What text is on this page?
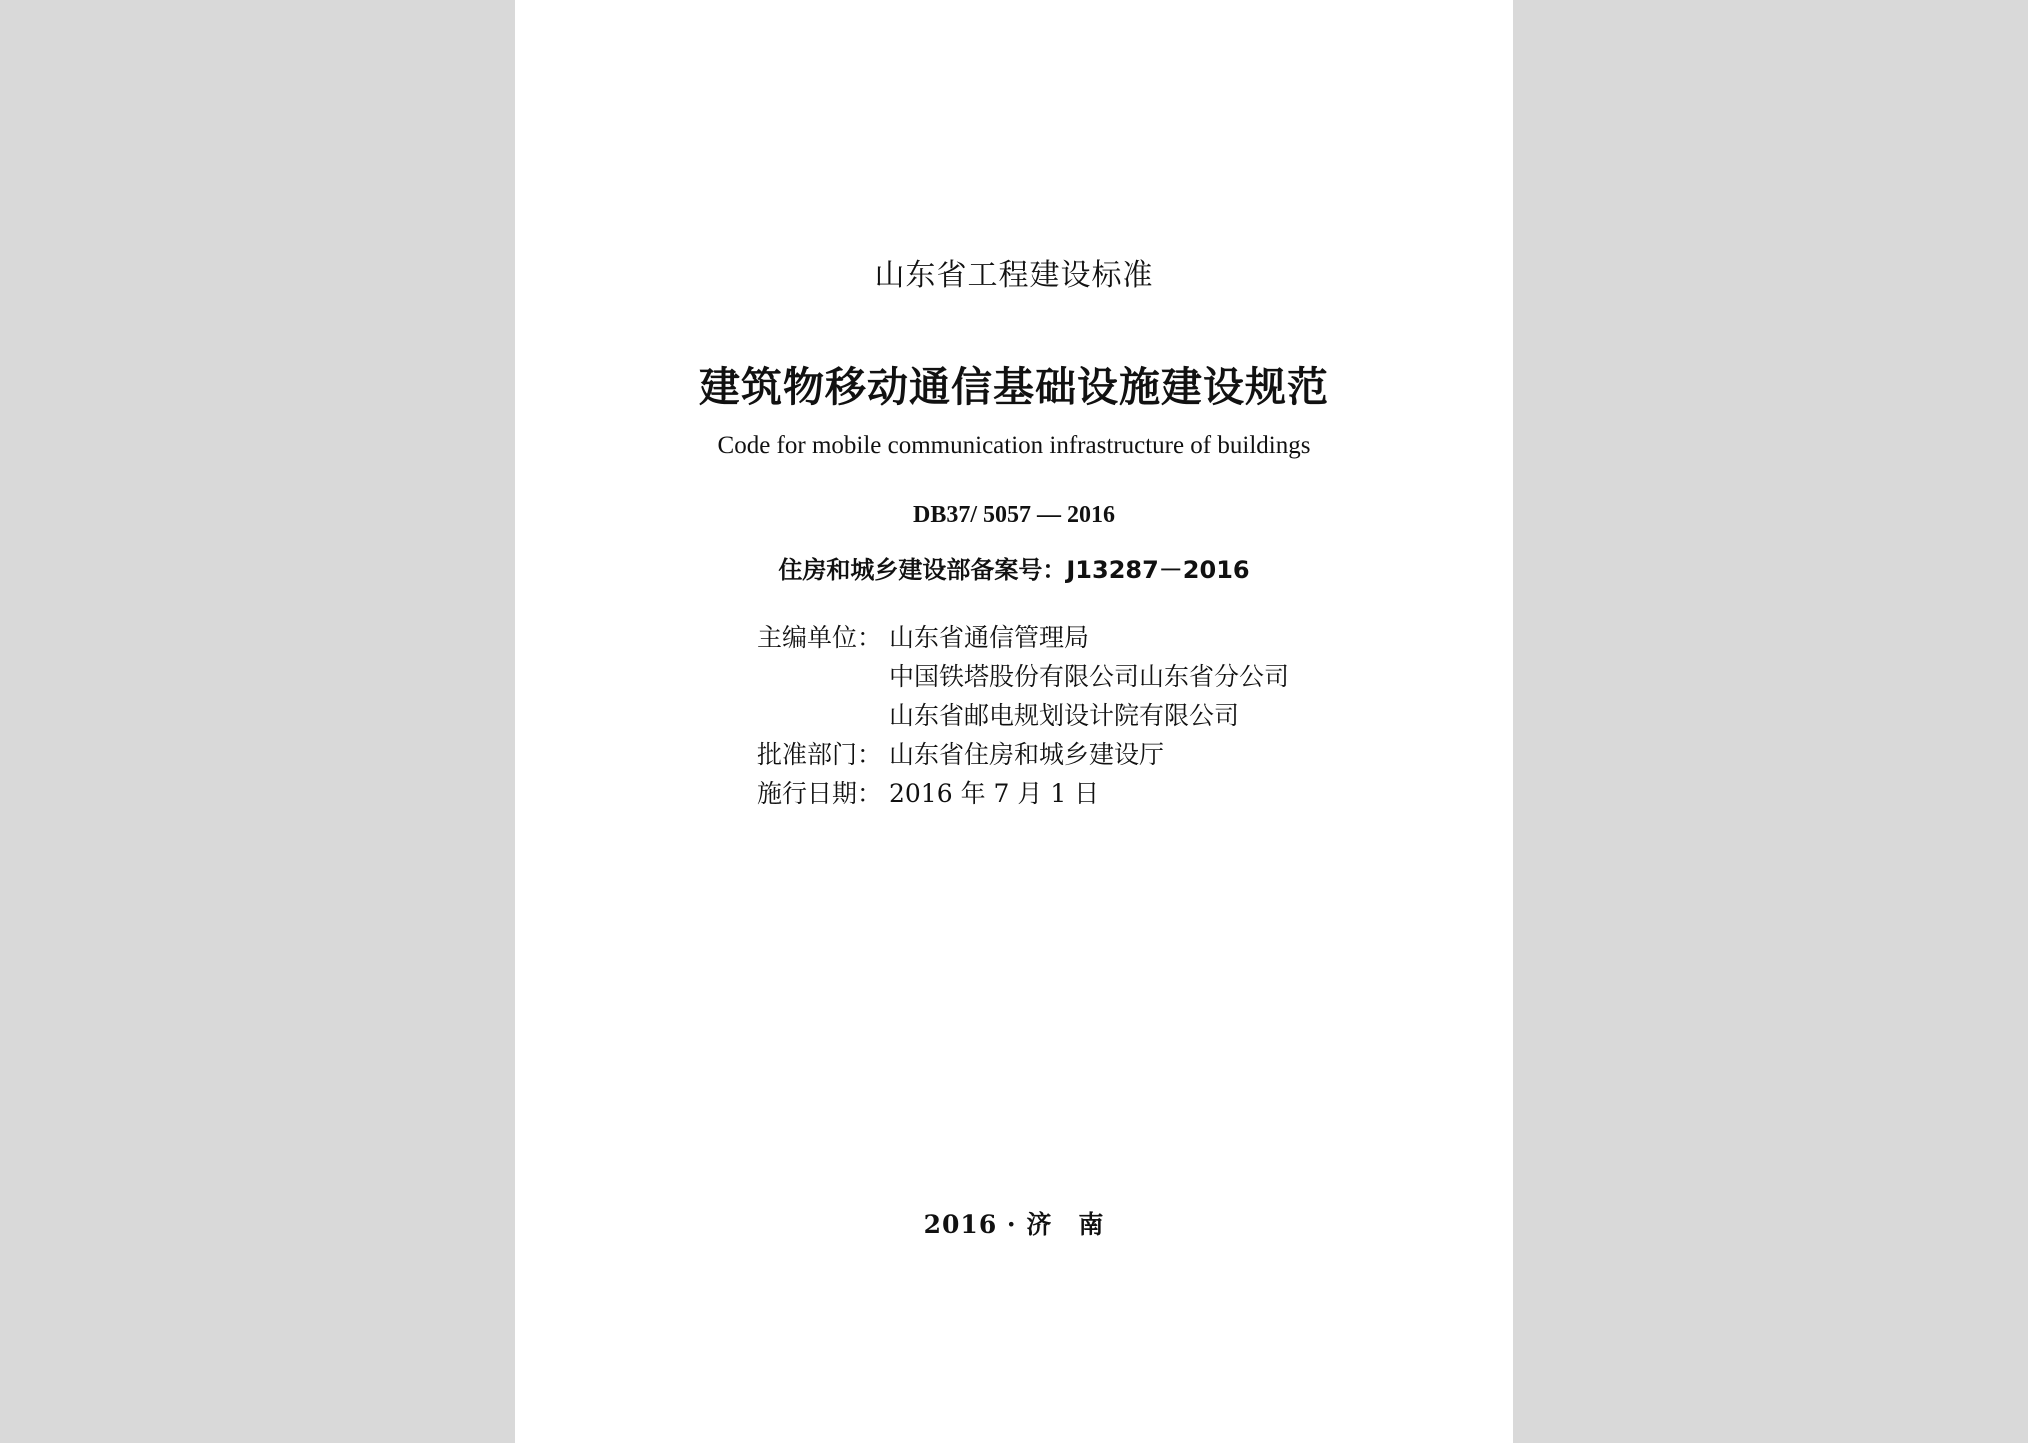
山东省工程建设标准
建筑物移动通信基础设施建设规范
Code for mobile communication infrastructure of buildings
DB37/ 5057 — 2016
住房和城乡建设部备案号：J13287－2016
主编单位： 山东省通信管理局
中国铁塔股份有限公司山东省分公司
山东省邮电规划设计院有限公司
批准部门： 山东省住房和城乡建设厅
施行日期： 2016 年 7 月 1 日
2016 · 济　南
